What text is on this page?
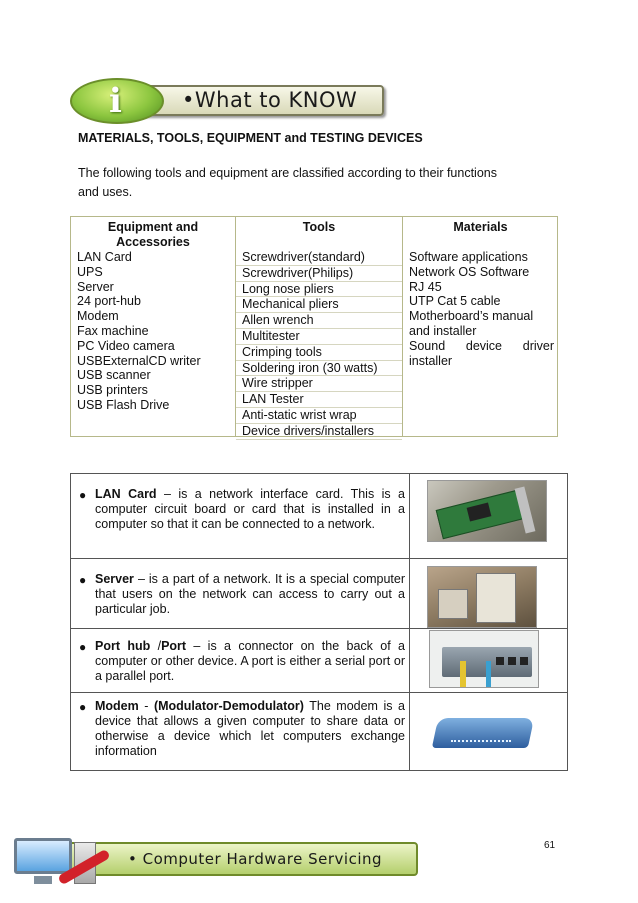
•What to KNOW
i
MATERIALS, TOOLS, EQUIPMENT and TESTING DEVICES
The following tools and equipment are classified according to their functions
and uses.
Equipment and Accessories
LAN Card
UPS
Server
24 port-hub
Modem
Fax machine
PC Video camera
USBExternalCD writer
USB scanner
USB printers
USB Flash Drive
Tools
Screwdriver(standard)
Screwdriver(Philips)
Long nose pliers
Mechanical pliers
Allen wrench
Multitester
Crimping tools
Soldering iron (30 watts)
Wire stripper
LAN Tester
Anti-static wrist wrap
Device drivers/installers
Materials
Software applications
Network OS Software
RJ 45
UTP Cat 5 cable
Motherboard’s manual
and installer
Sound device driver
installer
● LAN Card – is a network interface card. This is a computer circuit board or card that is installed in a computer so that it can be connected to a network.
● Server – is a part of a network. It is a special computer that users on the network can access to carry out a particular job.
● Port hub /Port – is a connector on the back of a computer or other device. A port is either a serial port or a parallel port.
● Modem - (Modulator-Demodulator) The modem is a device that allows a given computer to share data or otherwise a device which let computers exchange information
61
• Computer Hardware Servicing
